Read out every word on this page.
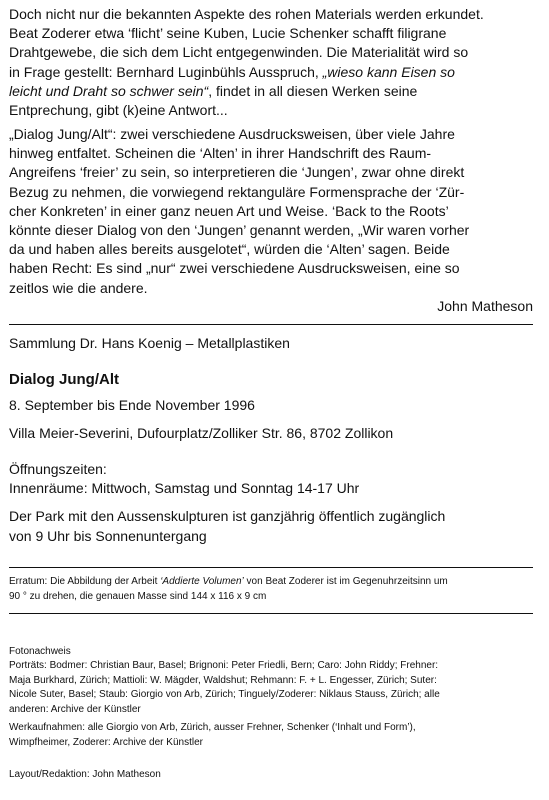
Doch nicht nur die bekannten Aspekte des rohen Materials werden erkundet.
Beat Zoderer etwa ‘flicht’ seine Kuben, Lucie Schenker schafft filigrane
Drahtgewebe, die sich dem Licht entgegenwinden. Die Materialität wird so
in Frage gestellt: Bernhard Luginbühls Ausspruch, „wieso kann Eisen so
leicht und Draht so schwer sein“, findet in all diesen Werken seine
Entprechung, gibt (k)eine Antwort...

„Dialog Jung/Alt“: zwei verschiedene Ausdrucksweisen, über viele Jahre
hinweg entfaltet. Scheinen die ‘Alten’ in ihrer Handschrift des Raum-
Angreifens ‘freier’ zu sein, so interpretieren die ‘Jungen’, zwar ohne direkt
Bezug zu nehmen, die vorwiegend rektanguläre Formensprache der ‘Zür-
cher Konkreten’ in einer ganz neuen Art und Weise. ‘Back to the Roots’
könnte dieser Dialog von den ‘Jungen’ genannt werden, „Wir waren vorher
da und haben alles bereits ausgelotet“, würden die ‘Alten’ sagen. Beide
haben Recht: Es sind „nur“ zwei verschiedene Ausdrucksweisen, eine so
zeitlos wie die andere.

John Matheson

Sammlung Dr. Hans Koenig – Metallplastiken

Dialog Jung/Alt

8. September bis Ende November 1996

Villa Meier-Severini, Dufourplatz/Zolliker Str. 86, 8702 Zollikon

Öffnungszeiten:

Innenräume: Mittwoch, Samstag und Sonntag 14-17 Uhr

Der Park mit den Aussenskulpturen ist ganzjährig öffentlich zugänglich
von 9 Uhr bis Sonnenuntergang

Erratum: Die Abbildung der Arbeit ‘Addierte Volumen’ von Beat Zoderer ist im Gegenuhrzeitsinn um
90 ° zu drehen, die genauen Masse sind 144 x 116 x 9 cm

Fotonachweis

Porträts: Bodmer: Christian Baur, Basel; Brignoni: Peter Friedli, Bern; Caro: John Riddy; Frehner:
Maja Burkhard, Zürich; Mattioli: W. Mägder, Waldshut; Rehmann: F. + L. Engesser, Zürich; Suter:
Nicole Suter, Basel; Staub: Giorgio von Arb, Zürich; Tinguely/Zoderer: Niklaus Stauss, Zürich; alle
anderen: Archive der Künstler

Werkaufnahmen: alle Giorgio von Arb, Zürich, ausser Frehner, Schenker (‘Inhalt und Form’),
Wimpfheimer, Zoderer: Archive der Künstler

Layout/Redaktion: John Matheson
